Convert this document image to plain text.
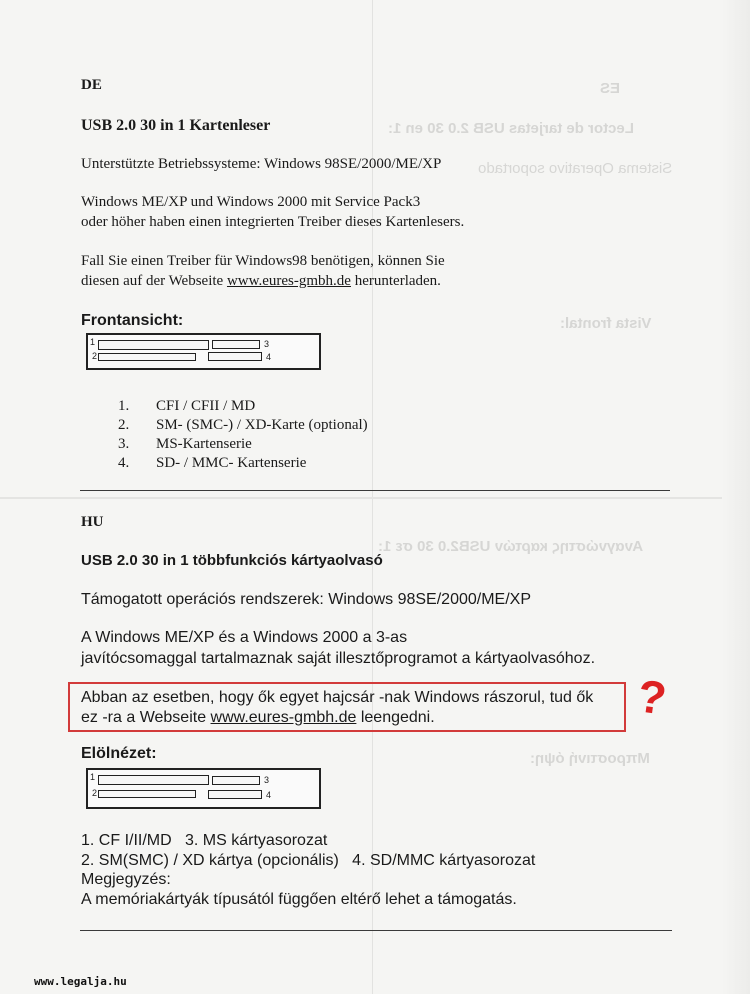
ES
Lector de tarjetas USB 2.0 30 en 1:
Sistema Operativo soportado
Vista frontal:
Αναγνώστης καρτών USB2.0 30 σε 1:
Μπροστινή όψη:
DE
USB 2.0 30 in 1 Kartenleser
Unterstützte Betriebssysteme: Windows 98SE/2000/ME/XP
Windows ME/XP und Windows 2000 mit Service Pack3
oder höher haben einen integrierten Treiber dieses Kartenlesers.
Fall Sie einen Treiber für Windows98 benötigen, können Sie
diesen auf der Webseite www.eures-gmbh.de herunterladen.
Frontansicht:
1
2
3
4
1. CFI / CFII / MD
2. SM- (SMC-) / XD-Karte (optional)
3. MS-Kartenserie
4. SD- / MMC- Kartenserie
HU
USB 2.0 30 in 1 többfunkciós kártyaolvasó
Támogatott operációs rendszerek: Windows 98SE/2000/ME/XP
A Windows ME/XP és a Windows 2000 a 3-as
javítócsomaggal tartalmaznak saját illesztőprogramot a kártyaolvasóhoz.
Abban az esetben, hogy ők egyet hajcsár -nak Windows rászorul, tud ők
ez -ra a Webseite www.eures-gmbh.de leengedni.	?
Elölnézet:
1
2
3
4
1. CF I/II/MD   3. MS kártyasorozat
2. SM(SMC) / XD kártya (opcionális)   4. SD/MMC kártyasorozat
Megjegyzés:
A memóriakártyák típusától függően eltérő lehet a támogatás.
www.legalja.hu
